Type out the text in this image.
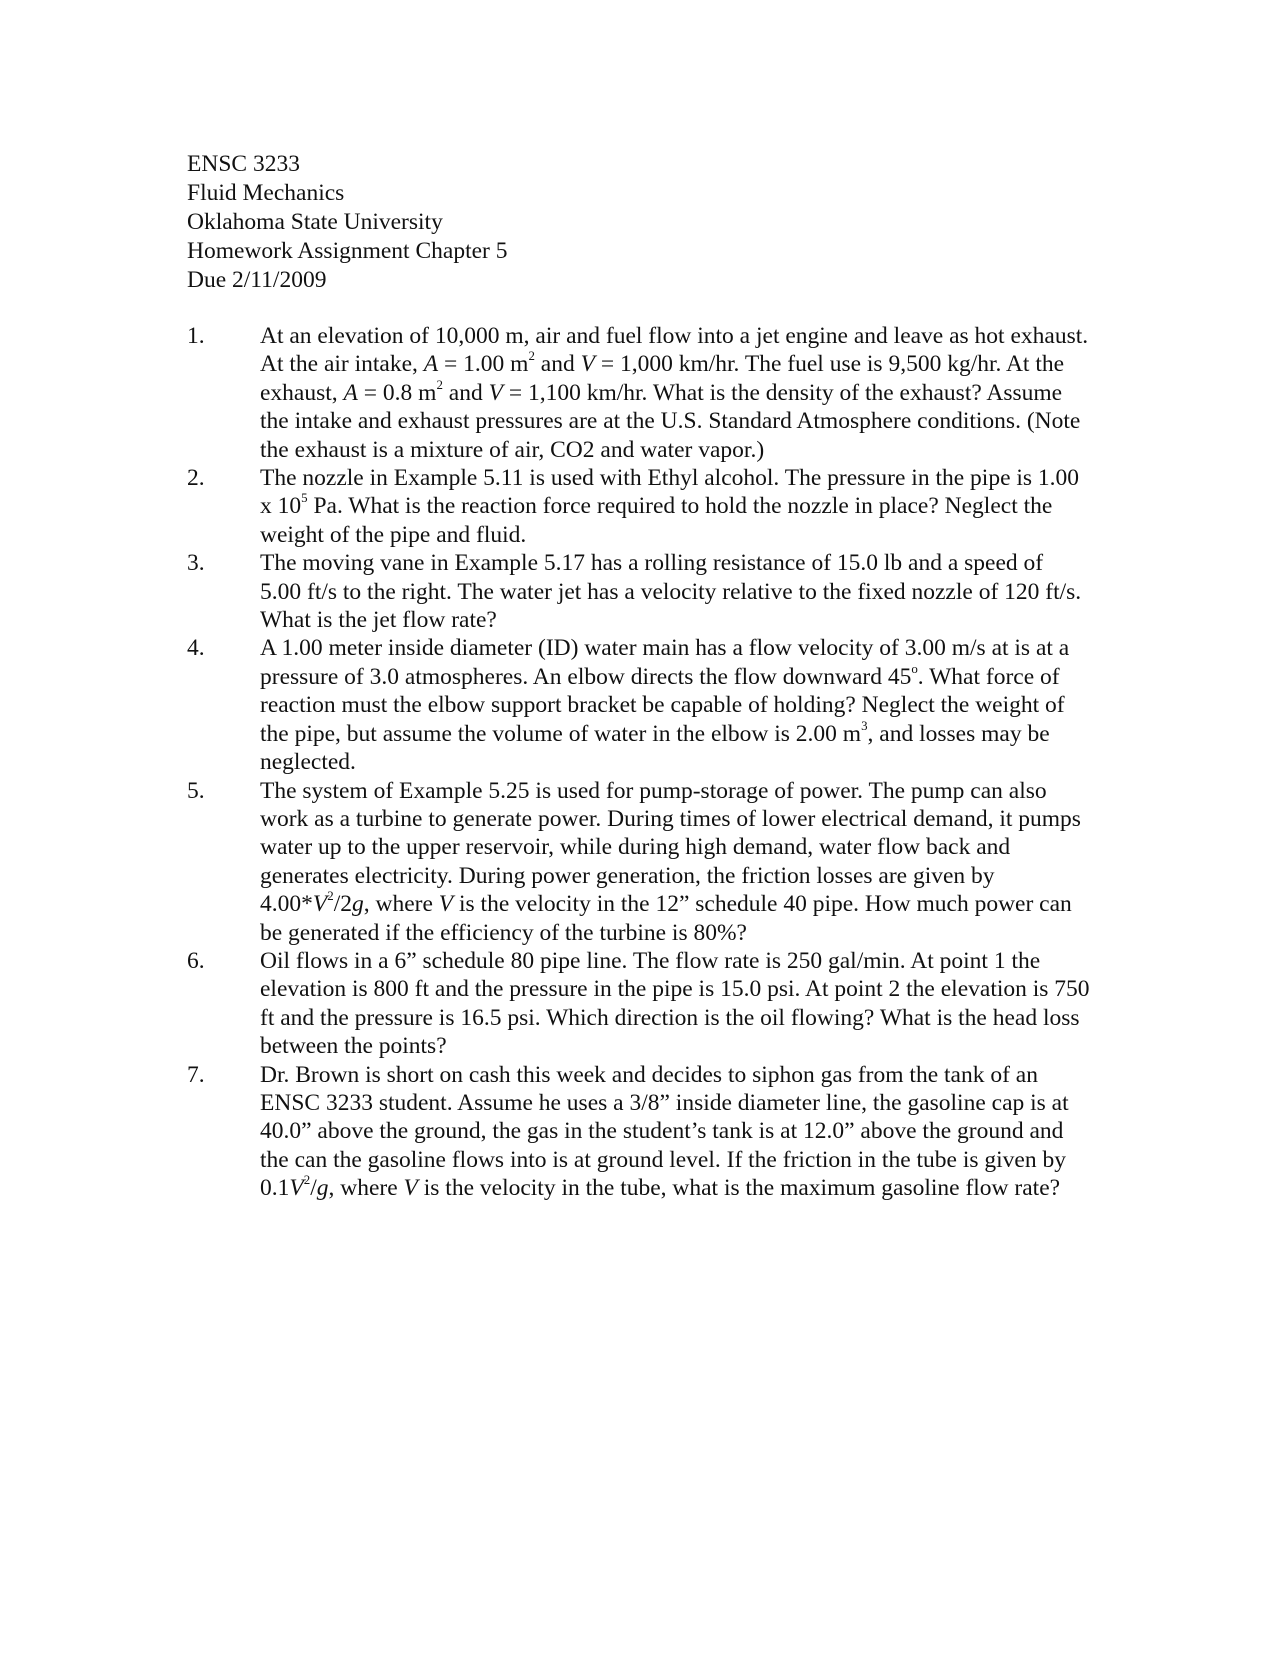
ENSC 3233
Fluid Mechanics
Oklahoma State University
Homework Assignment Chapter 5
Due 2/11/2009
1. At an elevation of 10,000 m, air and fuel flow into a jet engine and leave as hot exhaust. At the air intake, A = 1.00 $m^2$ and V = 1,000 km/hr. The fuel use is 9,500 kg/hr. At the exhaust, A = 0.8 $m^2$ and V = 1,100 km/hr. What is the density of the exhaust? Assume the intake and exhaust pressures are at the U.S. Standard Atmosphere conditions. (Note the exhaust is a mixture of air, CO2 and water vapor.)
2. The nozzle in Example 5.11 is used with Ethyl alcohol. The pressure in the pipe is 1.00 x $10^5$ Pa. What is the reaction force required to hold the nozzle in place? Neglect the weight of the pipe and fluid.
3. The moving vane in Example 5.17 has a rolling resistance of 15.0 lb and a speed of 5.00 ft/s to the right. The water jet has a velocity relative to the fixed nozzle of 120 ft/s. What is the jet flow rate?
4. A 1.00 meter inside diameter (ID) water main has a flow velocity of 3.00 m/s at is at a pressure of 3.0 atmospheres. An elbow directs the flow downward 45$^o$. What force of reaction must the elbow support bracket be capable of holding? Neglect the weight of the pipe, but assume the volume of water in the elbow is 2.00 $m^3$, and losses may be neglected.
5. The system of Example 5.25 is used for pump-storage of power. The pump can also work as a turbine to generate power. During times of lower electrical demand, it pumps water up to the upper reservoir, while during high demand, water flow back and generates electricity. During power generation, the friction losses are given by $4.00*V^2/2g$, where V is the velocity in the 12” schedule 40 pipe. How much power can be generated if the efficiency of the turbine is 80%?
6. Oil flows in a 6” schedule 80 pipe line. The flow rate is 250 gal/min. At point 1 the elevation is 800 ft and the pressure in the pipe is 15.0 psi. At point 2 the elevation is 750 ft and the pressure is 16.5 psi. Which direction is the oil flowing? What is the head loss between the points?
7. Dr. Brown is short on cash this week and decides to siphon gas from the tank of an ENSC 3233 student. Assume he uses a 3/8” inside diameter line, the gasoline cap is at 40.0” above the ground, the gas in the student’s tank is at 12.0” above the ground and the can the gasoline flows into is at ground level. If the friction in the tube is given by $0.1V^2/g$, where V is the velocity in the tube, what is the maximum gasoline flow rate?
